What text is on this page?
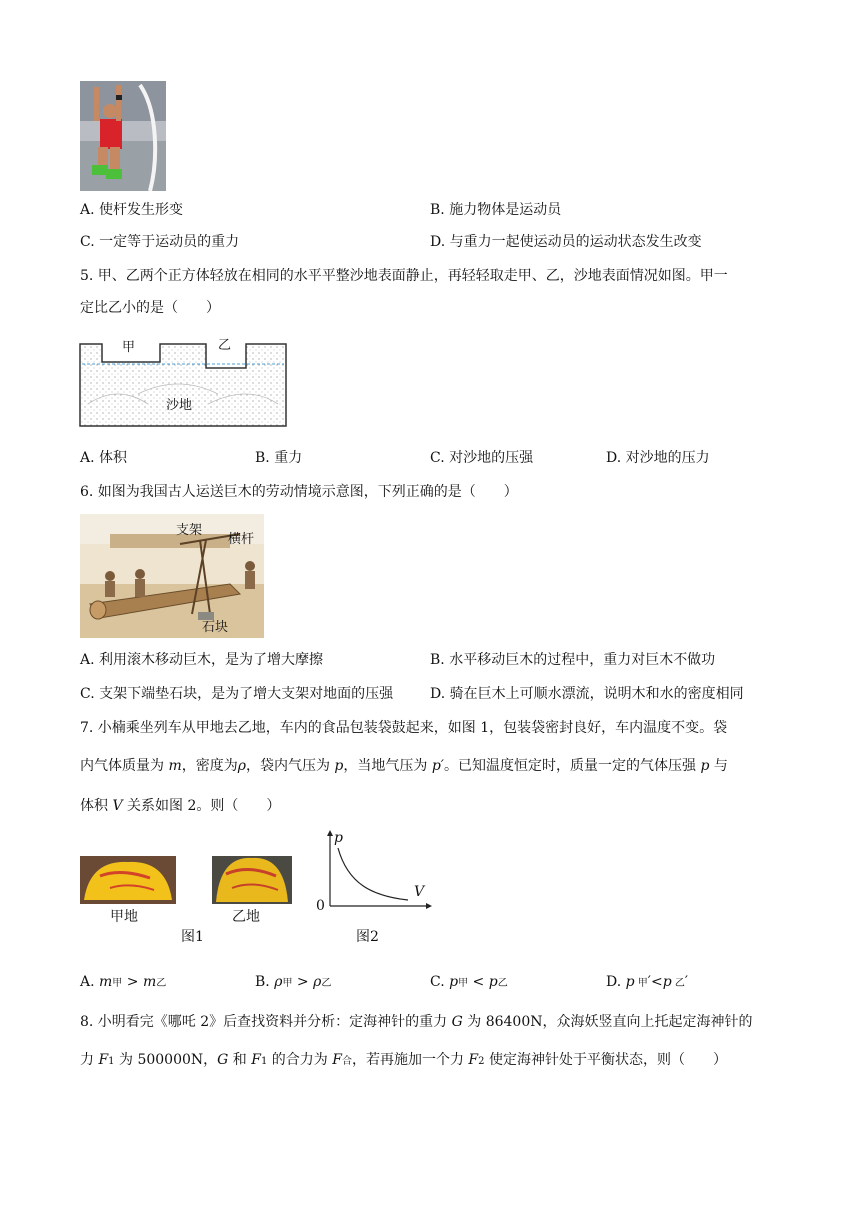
A. 使杆发生形变	B. 施力物体是运动员
C. 一定等于运动员的重力	D. 与重力一起使运动员的运动状态发生改变
5. 甲、乙两个正方体轻放在相同的水平平整沙地表面静止，再轻轻取走甲、乙，沙地表面情况如图。甲一
定比乙小的是（　　）
甲	乙
沙地
A. 体积	B. 重力	C. 对沙地的压强	D. 对沙地的压力
6. 如图为我国古人运送巨木的劳动情境示意图，下列正确的是（　　）
支架
横杆
石块
A. 利用滚木移动巨木，是为了增大摩擦	B. 水平移动巨木的过程中，重力对巨木不做功
C. 支架下端垫石块，是为了增大支架对地面的压强	D. 骑在巨木上可顺水漂流，说明木和水的密度相同
7. 小楠乘坐列车从甲地去乙地，车内的食品包装袋鼓起来，如图 1，包装袋密封良好，车内温度不变。袋
内气体质量为 m，密度为ρ，袋内气压为 p，当地气压为 p′。已知温度恒定时，质量一定的气体压强 p 与
体积 V 关系如图 2。则（　　）
甲地	乙地
图1
p
V
0
图2
A. m甲 > m乙	B. ρ甲 > ρ乙	C. p甲 < p乙	D. p 甲′<p 乙′
8. 小明看完《哪吒 2》后查找资料并分析：定海神针的重力 G 为 86400N，众海妖竖直向上托起定海神针的
力 F1 为 500000N，G 和 F1 的合力为 F合，若再施加一个力 F2 使定海神针处于平衡状态，则（　　）
